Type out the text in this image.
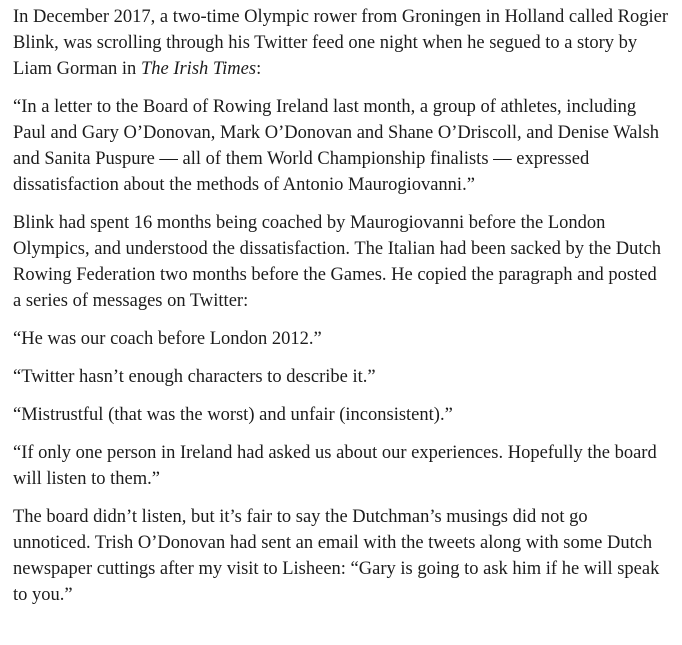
In December 2017, a two-time Olympic rower from Groningen in Holland called Rogier Blink, was scrolling through his Twitter feed one night when he segued to a story by Liam Gorman in The Irish Times:

“In a letter to the Board of Rowing Ireland last month, a group of athletes, including Paul and Gary O’Donovan, Mark O’Donovan and Shane O’Driscoll, and Denise Walsh and Sanita Puspure — all of them World Championship finalists — expressed dissatisfaction about the methods of Antonio Maurogiovanni.”

Blink had spent 16 months being coached by Maurogiovanni before the London Olympics, and understood the dissatisfaction. The Italian had been sacked by the Dutch Rowing Federation two months before the Games. He copied the paragraph and posted a series of messages on Twitter:

“He was our coach before London 2012.”

“Twitter hasn’t enough characters to describe it.”

“Mistrustful (that was the worst) and unfair (inconsistent).”

“If only one person in Ireland had asked us about our experiences. Hopefully the board will listen to them.”

The board didn’t listen, but it’s fair to say the Dutchman’s musings did not go unnoticed. Trish O’Donovan had sent an email with the tweets along with some Dutch newspaper cuttings after my visit to Lisheen: “Gary is going to ask him if he will speak to you.”
